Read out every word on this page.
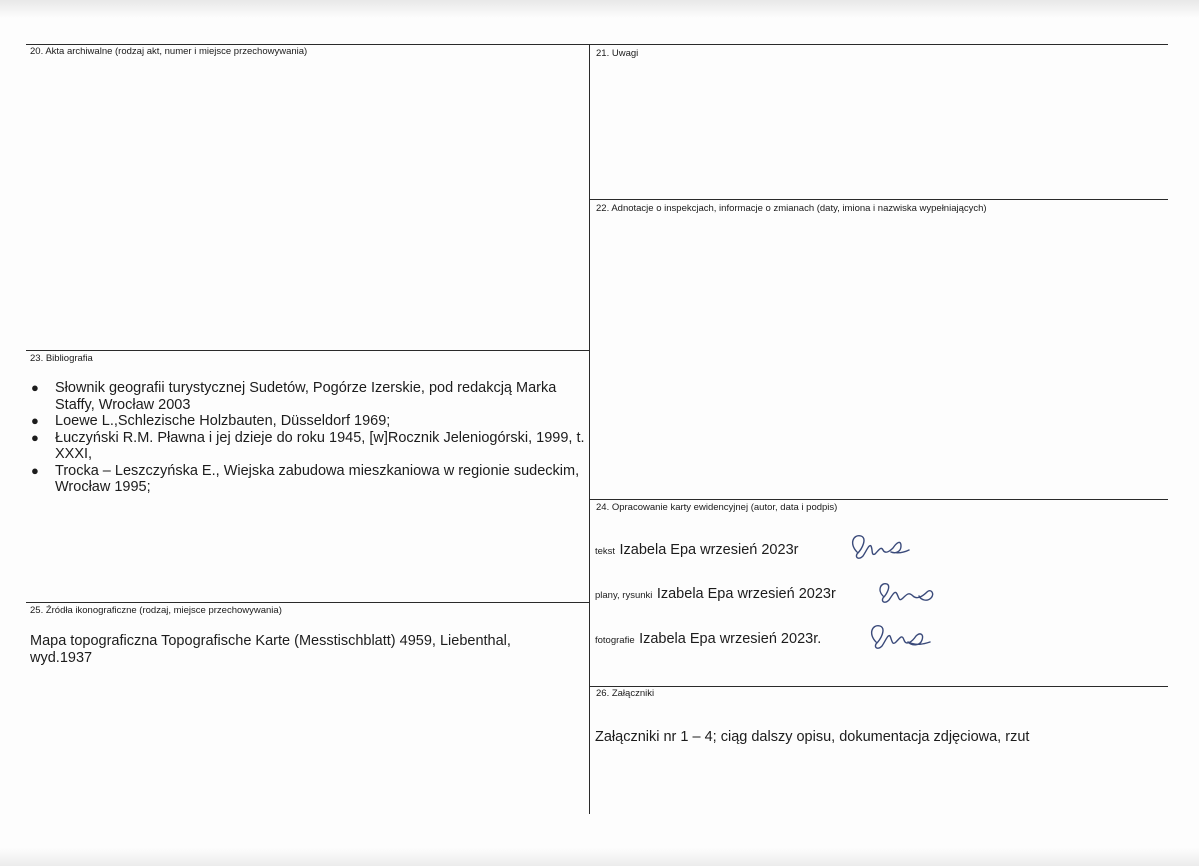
20. Akta archiwalne (rodzaj akt, numer i miejsce przechowywania)	21. Uwagi
22. Adnotacje o inspekcjach, informacje o zmianach (daty, imiona i nazwiska wypełniających)
23. Bibliografia
● Słownik geografii turystycznej Sudetów, Pogórze Izerskie, pod redakcją Marka Staffy, Wrocław 2003
● Loewe L.,Schlezische Holzbauten, Düsseldorf 1969;
● Łuczyński R.M. Pławna i jej dzieje do roku 1945, [w]Rocznik Jeleniogórski, 1999, t. XXXI,
● Trocka – Leszczyńska E., Wiejska zabudowa mieszkaniowa w regionie sudeckim, Wrocław 1995;
24. Opracowanie karty ewidencyjnej (autor, data i podpis)
tekst Izabela Epa wrzesień 2023r
plany, rysunki Izabela Epa wrzesień 2023r
fotografie Izabela Epa wrzesień 2023r.
25. Źródła ikonograficzne (rodzaj, miejsce przechowywania)
Mapa topograficzna Topografische Karte (Messtischblatt) 4959, Liebenthal, wyd.1937
26. Załączniki
Załączniki nr 1 – 4; ciąg dalszy opisu, dokumentacja zdjęciowa, rzut
